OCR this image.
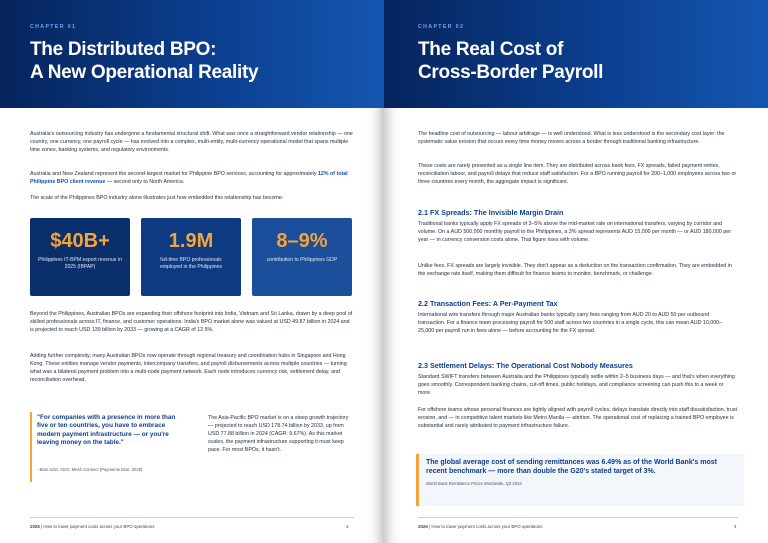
CHAPTER 01
The Distributed BPO:
A New Operational Reality
Australia's outsourcing industry has undergone a fundamental structural shift. What was once a straightforward vendor relationship — one country, one currency, one payroll cycle — has evolved into a complex, multi-entity, multi-currency operational model that spans multiple time zones, banking systems, and regulatory environments.
Australia and New Zealand represent the second-largest market for Philippine BPO services, accounting for approximately 12% of total Philippine BPO client revenue — second only to North America.
The scale of the Philippines BPO industry alone illustrates just how embedded this relationship has become:
$40B+
Philippines IT-BPM export revenue in 2025 (IBPAP)
1.9M
full-time BPO professionals employed in the Philippines
8–9%
contribution to Philippines GDP
Beyond the Philippines, Australian BPOs are expanding their offshore footprint into India, Vietnam and Sri Lanka, drawn by a deep pool of skilled professionals across IT, finance, and customer operations. India's BPO market alone was valued at USD 49.87 billion in 2024 and is projected to reach USD 139 billion by 2033 — growing at a CAGR of 12.5%.
Adding further complexity, many Australian BPOs now operate through regional treasury and coordination hubs in Singapore and Hong Kong. These entities manage vendor payments, intercompany transfers, and payroll disbursements across multiple countries — turning what was a bilateral payment problem into a multi-node payment network. Each node introduces currency risk, settlement delay, and reconciliation overhead.
"For companies with a presence in more than five or ten countries, you have to embrace modern payment infrastructure — or you're leaving money on the table."
- Bam Azizi, CEO, Mesh Connect (Payments Dive, 2025)
The Asia-Pacific BPO market is on a steep growth trajectory — projected to reach USD 178.74 billion by 2033, up from USD 77.88 billion in 2024 (CAGR: 9.67%). As this market scales, the payment infrastructure supporting it must keep pace. For most BPOs, it hasn't.
2026 | How to lower payment costs across your BPO operations	3
CHAPTER 02
The Real Cost of
Cross-Border Payroll
The headline cost of outsourcing — labour arbitrage — is well understood. What is less understood is the secondary cost layer: the systematic value erosion that occurs every time money moves across a border through traditional banking infrastructure.
These costs are rarely presented as a single line item. They are distributed across bank fees, FX spreads, failed payment retries, reconciliation labour, and payroll delays that reduce staff satisfaction. For a BPO running payroll for 200–1,000 employees across two or three countries every month, the aggregate impact is significant.
2.1 FX Spreads: The Invisible Margin Drain
Traditional banks typically apply FX spreads of 3–5% above the mid-market rate on international transfers, varying by corridor and volume. On a AUD 500,000 monthly payroll to the Philippines, a 3% spread represents AUD 15,000 per month — or AUD 180,000 per year — in currency conversion costs alone. That figure rises with volume.
Unlike fees, FX spreads are largely invisible. They don't appear as a deduction on the transaction confirmation. They are embedded in the exchange rate itself, making them difficult for finance teams to monitor, benchmark, or challenge.
2.2 Transaction Fees: A Per-Payment Tax
International wire transfers through major Australian banks typically carry fees ranging from AUD 20 to AUD 50 per outbound transaction. For a finance team processing payroll for 500 staff across two countries in a single cycle, this can mean AUD 10,000–25,000 per payroll run in fees alone — before accounting for the FX spread.
2.3 Settlement Delays: The Operational Cost Nobody Measures
Standard SWIFT transfers between Australia and the Philippines typically settle within 2–5 business days — and that's when everything goes smoothly. Correspondent banking chains, cut-off times, public holidays, and compliance screening can push this to a week or more.
For offshore teams whose personal finances are tightly aligned with payroll cycles, delays translate directly into staff dissatisfaction, trust erosion, and — in competitive talent markets like Metro Manila — attrition. The operational cost of replacing a trained BPO employee is substantial and rarely attributed to payment infrastructure failure.
2026 | How to lower payment costs across your BPO operations	4
The global average cost of sending remittances was 6.49% as of the World Bank's most recent benchmark — more than double the G20's stated target of 3%.
World Bank Remittance Prices Worldwide, Q2 2024
